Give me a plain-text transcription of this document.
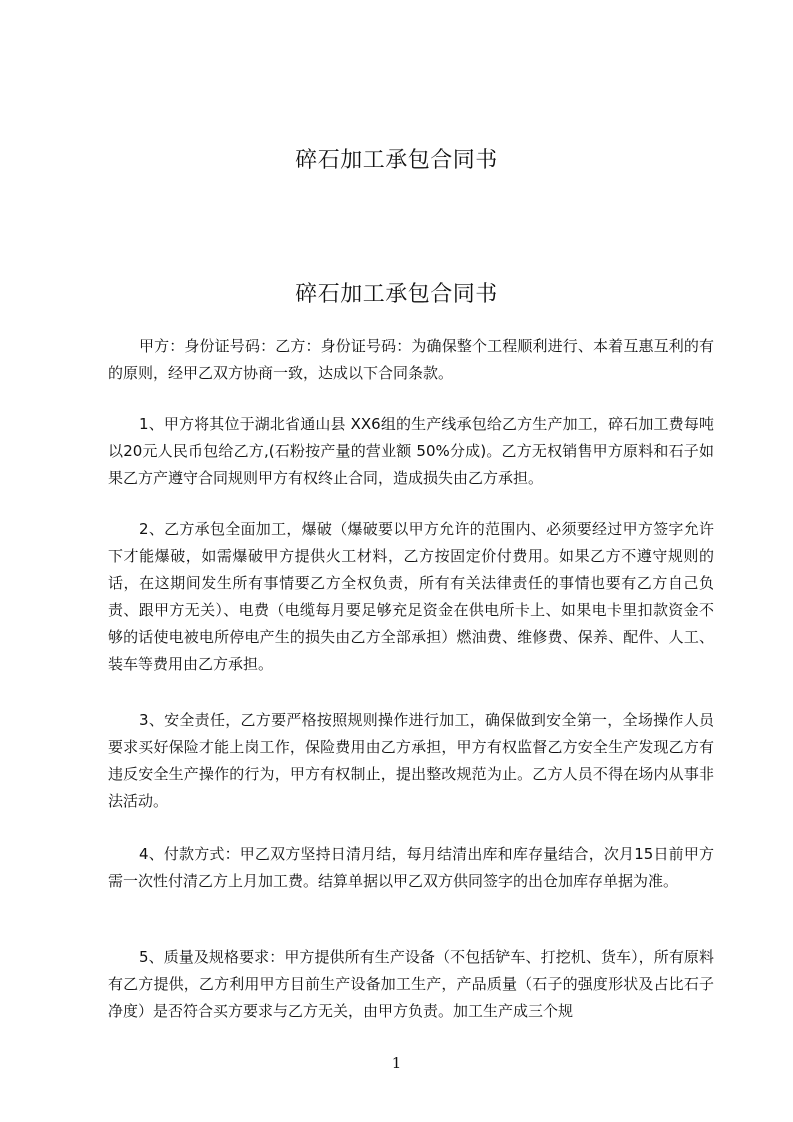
碎石加工承包合同书
碎石加工承包合同书

甲方：身份证号码：乙方：身份证号码：为确保整个工程顺利进行、本着互惠互利的有的原则，经甲乙双方协商一致，达成以下合同条款。

1、甲方将其位于湖北省通山县 XX6组的生产线承包给乙方生产加工，碎石加工费每吨以20元人民币包给乙方,(石粉按产量的营业额 50%分成)。乙方无权销售甲方原料和石子如果乙方产遵守合同规则甲方有权终止合同，造成损失由乙方承担。

2、乙方承包全面加工，爆破（爆破要以甲方允许的范围内、必须要经过甲方签字允许下才能爆破，如需爆破甲方提供火工材料，乙方按固定价付费用。如果乙方不遵守规则的话，在这期间发生所有事情要乙方全权负责，所有有关法律责任的事情也要有乙方自己负责、跟甲方无关）、电费（电缆每月要足够充足资金在供电所卡上、如果电卡里扣款资金不够的话使电被电所停电产生的损失由乙方全部承担）燃油费、维修费、保养、配件、人工、装车等费用由乙方承担。

3、安全责任，乙方要严格按照规则操作进行加工，确保做到安全第一，全场操作人员要求买好保险才能上岗工作，保险费用由乙方承担，甲方有权监督乙方安全生产发现乙方有违反安全生产操作的行为，甲方有权制止，提出整改规范为止。乙方人员不得在场内从事非法活动。

4、付款方式：甲乙双方坚持日清月结，每月结清出库和库存量结合，次月15日前甲方需一次性付清乙方上月加工费。结算单据以甲乙双方供同签字的出仓加库存单据为准。

5、质量及规格要求：甲方提供所有生产设备（不包括铲车、打挖机、货车），所有原料有乙方提供，乙方利用甲方目前生产设备加工生产，产品质量（石子的强度形状及占比石子净度）是否符合买方要求与乙方无关，由甲方负责。加工生产成三个规

1
